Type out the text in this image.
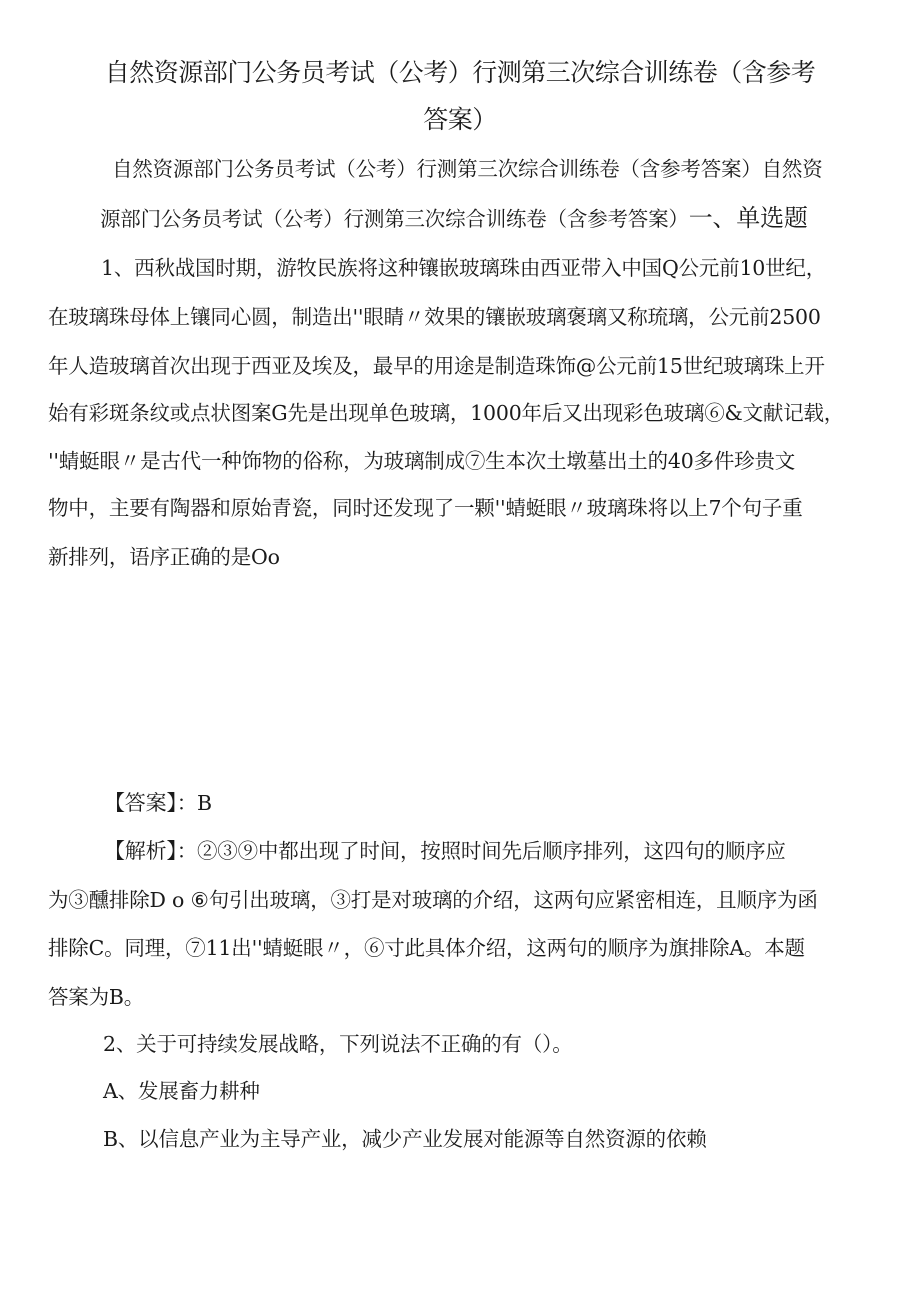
自然资源部门公务员考试（公考）行测第三次综合训练卷（含参考
答案）
自然资源部门公务员考试（公考）行测第三次综合训练卷（含参考答案）自然资
源部门公务员考试（公考）行测第三次综合训练卷（含参考答案）一、单选题
1、西秋战国时期，游牧民族将这种镶嵌玻璃珠由西亚带入中国Q公元前10世纪，
在玻璃珠母体上镶同心圆，制造出''眼睛〃效果的镶嵌玻璃褒璃又称琉璃，公元前2500
年人造玻璃首次出现于西亚及埃及，最早的用途是制造珠饰@公元前15世纪玻璃珠上开
始有彩斑条纹或点状图案G先是出现单色玻璃，1000年后又出现彩色玻璃⑥&文献记载，
''蜻蜓眼〃是古代一种饰物的俗称，为玻璃制成⑦生本次土墩墓出土的40多件珍贵文
物中，主要有陶器和原始青瓷，同时还发现了一颗''蜻蜓眼〃玻璃珠将以上7个句子重
新排列，语序正确的是Oo
【答案】：B
【解析】：②③⑨中都出现了时间，按照时间先后顺序排列，这四句的顺序应
为③醺排除D o ⑥句引出玻璃，③打是对玻璃的介绍，这两句应紧密相连，且顺序为函
排除C。同理，⑦11出''蜻蜓眼〃，⑥寸此具体介绍，这两句的顺序为旗排除A。本题
答案为B。
2、关于可持续发展战略，下列说法不正确的有（）。
A、发展畜力耕种
B、以信息产业为主导产业，减少产业发展对能源等自然资源的依赖
